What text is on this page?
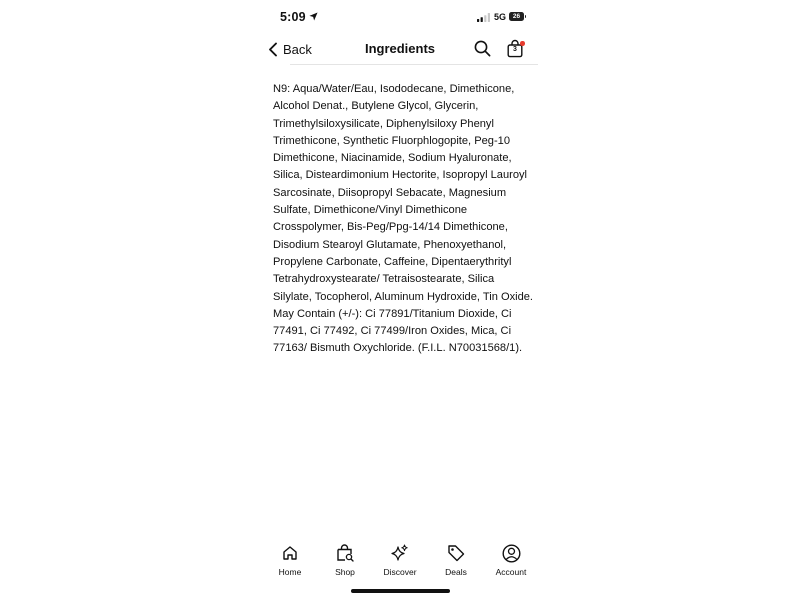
5:09	5G	26
Back	Ingredients	3

N9: Aqua/Water/Eau, Isododecane, Dimethicone, Alcohol Denat., Butylene Glycol, Glycerin, Trimethylsiloxysilicate, Diphenylsiloxy Phenyl Trimethicone, Synthetic Fluorphlogopite, Peg-10 Dimethicone, Niacinamide, Sodium Hyaluronate, Silica, Disteardimonium Hectorite, Isopropyl Lauroyl Sarcosinate, Diisopropyl Sebacate, Magnesium Sulfate, Dimethicone/Vinyl Dimethicone Crosspolymer, Bis-Peg/Ppg-14/14 Dimethicone, Disodium Stearoyl Glutamate, Phenoxyethanol, Propylene Carbonate, Caffeine, Dipentaerythrityl Tetrahydroxystearate/ Tetraisostearate, Silica Silylate, Tocopherol, Aluminum Hydroxide, Tin Oxide. May Contain (+/-): Ci 77891/Titanium Dioxide, Ci 77491, Ci 77492, Ci 77499/Iron Oxides, Mica, Ci 77163/ Bismuth Oxychloride. (F.I.L. N70031568/1).

Home	Shop	Discover	Deals	Account
